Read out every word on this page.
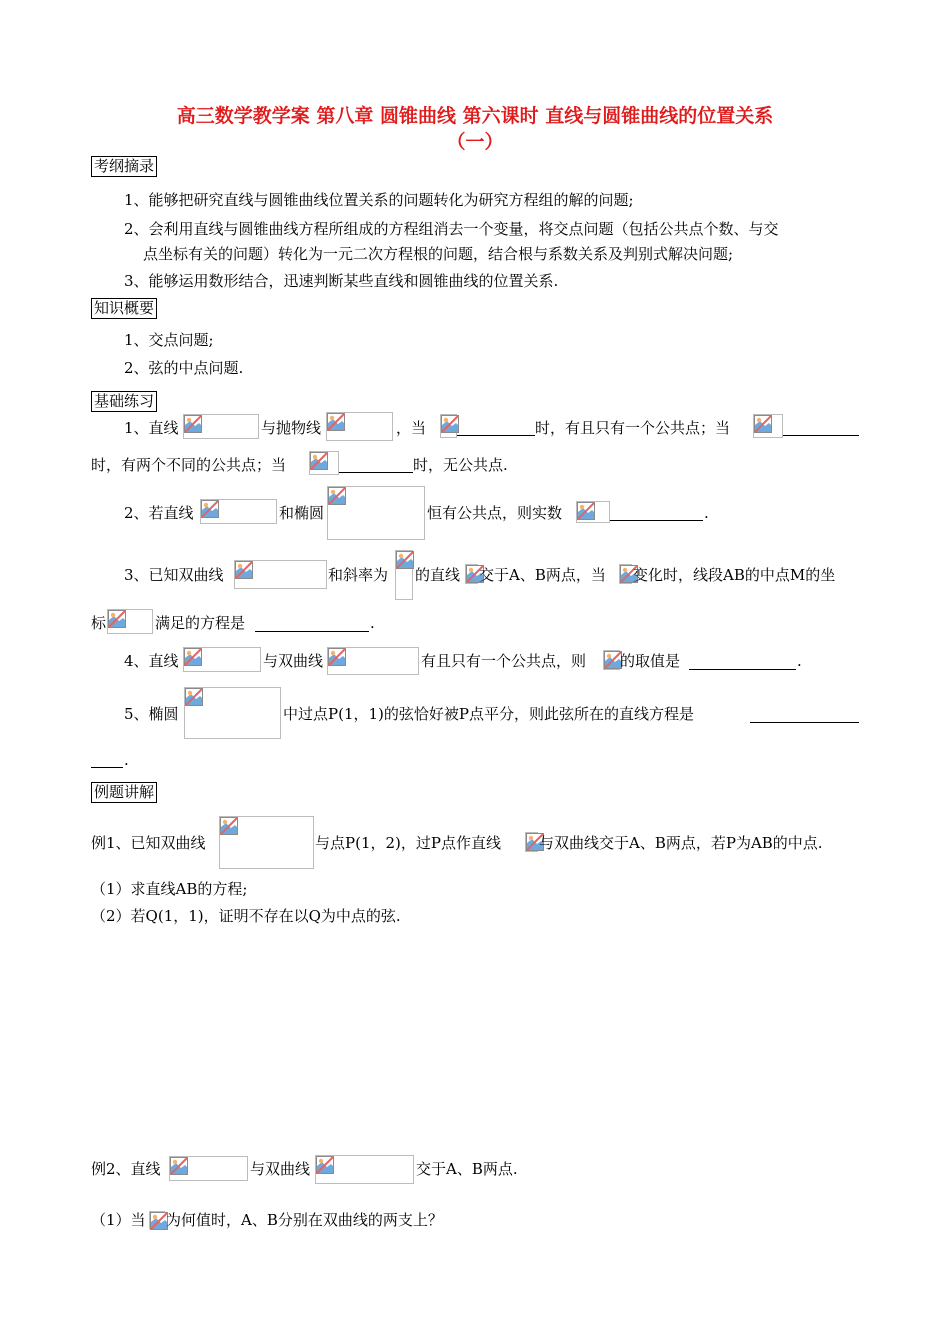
高三数学教学案 第八章 圆锥曲线 第六课时 直线与圆锥曲线的位置关系
（一）
考纲摘录
1、能够把研究直线与圆锥曲线位置关系的问题转化为研究方程组的解的问题;
2、会利用直线与圆锥曲线方程所组成的方程组消去一个变量，将交点问题（包括公共点个数、与交
点坐标有关的问题）转化为一元二次方程根的问题，结合根与系数关系及判别式解决问题;
3、能够运用数形结合，迅速判断某些直线和圆锥曲线的位置关系.
知识概要
1、交点问题;
2、弦的中点问题.
基础练习
1、直线	与抛物线	，当	时，有且只有一个公共点；当
时，有两个不同的公共点；当	时，无公共点.
2、若直线	和椭圆	恒有公共点，则实数	.
3、已知双曲线	和斜率为 的直线 交于A、B两点，当 变化时，线段AB的中点M的坐
标	满足的方程是	.
4、直线	与双曲线	有且只有一个公共点，则 的取值是	.
5、椭圆	中过点P(1，1)的弦恰好被P点平分，则此弦所在的直线方程是
.
例题讲解
例1、已知双曲线	与点P(1，2)，过P点作直线	与双曲线交于A、B两点，若P为AB的中点.
（1）求直线AB的方程;
（2）若Q(1，1)，证明不存在以Q为中点的弦.
例2、直线	与双曲线	交于A、B两点.
（1）当 为何值时，A、B分别在双曲线的两支上？
